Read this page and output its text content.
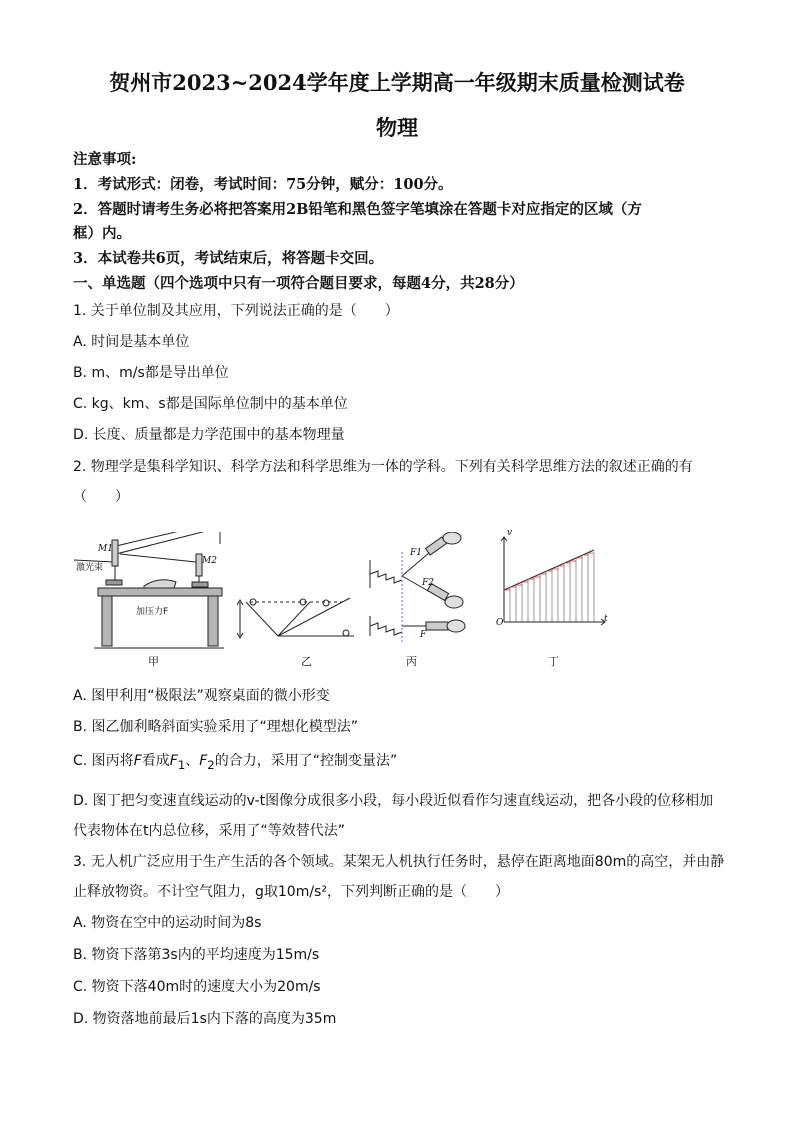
贺州市2023~2024学年度上学期高一年级期末质量检测试卷
物理
注意事项:
1．考试形式：闭卷，考试时间：75分钟，赋分：100分。
2．答题时请考生务必将把答案用2B铅笔和黑色签字笔填涂在答题卡对应指定的区域（方
框）内。
3．本试卷共6页，考试结束后，将答题卡交回。
一、单选题（四个选项中只有一项符合题目要求，每题4分，共28分）
1. 关于单位制及其应用，下列说法正确的是（　　）
A. 时间是基本单位
B. m、m/s都是导出单位
C. kg、km、s都是国际单位制中的基本单位
D. 长度、质量都是力学范围中的基本物理量
2. 物理学是集科学知识、科学方法和科学思维为一体的学科。下列有关科学思维方法的叙述正确的有
（　　）
M1
M2
激光束
加压力F
F1
F2
F
v
t
O
甲	乙	丙	丁
A. 图甲利用“极限法”观察桌面的微小形变
B. 图乙伽利略斜面实验采用了“理想化模型法”
C. 图丙将F看成$F_1$、$F_2$的合力，采用了“控制变量法”
D. 图丁把匀变速直线运动的v-t图像分成很多小段，每小段近似看作匀速直线运动，把各小段的位移相加
代表物体在t内总位移，采用了“等效替代法”
3. 无人机广泛应用于生产生活的各个领域。某架无人机执行任务时，悬停在距离地面80m的高空，并由静
止释放物资。不计空气阻力，g取10m/s²，下列判断正确的是（　　）
A. 物资在空中的运动时间为8s
B. 物资下落第3s内的平均速度为15m/s
C. 物资下落40m时的速度大小为20m/s
D. 物资落地前最后1s内下落的高度为35m
